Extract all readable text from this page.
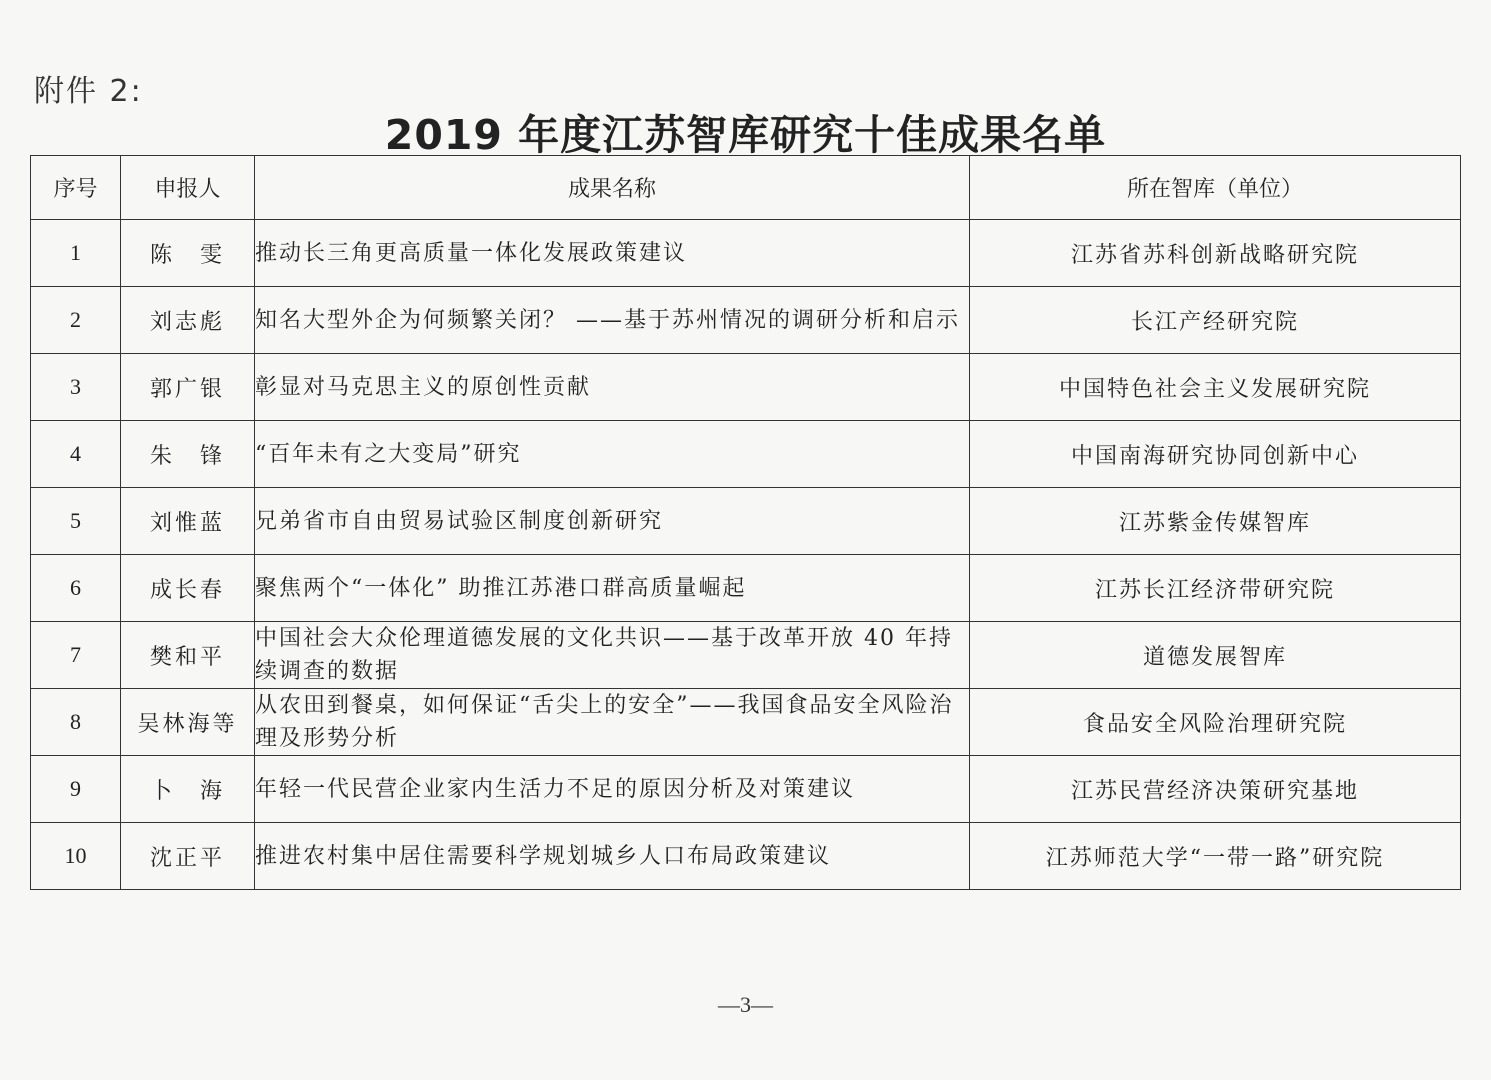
附件 2:
2019 年度江苏智库研究十佳成果名单
序号	申报人	成果名称	所在智库（单位）
1	陈　雯	推动长三角更高质量一体化发展政策建议	江苏省苏科创新战略研究院
2	刘志彪	知名大型外企为何频繁关闭？ ——基于苏州情况的调研分析和启示	长江产经研究院
3	郭广银	彰显对马克思主义的原创性贡献	中国特色社会主义发展研究院
4	朱　锋	“百年未有之大变局”研究	中国南海研究协同创新中心
5	刘惟蓝	兄弟省市自由贸易试验区制度创新研究	江苏紫金传媒智库
6	成长春	聚焦两个“一体化” 助推江苏港口群高质量崛起	江苏长江经济带研究院
7	樊和平	中国社会大众伦理道德发展的文化共识——基于改革开放 40 年持续调查的数据	道德发展智库
8	吴林海等	从农田到餐桌，如何保证“舌尖上的安全”——我国食品安全风险治理及形势分析	食品安全风险治理研究院
9	卜　海	年轻一代民营企业家内生活力不足的原因分析及对策建议	江苏民营经济决策研究基地
10	沈正平	推进农村集中居住需要科学规划城乡人口布局政策建议	江苏师范大学“一带一路”研究院
—3—
